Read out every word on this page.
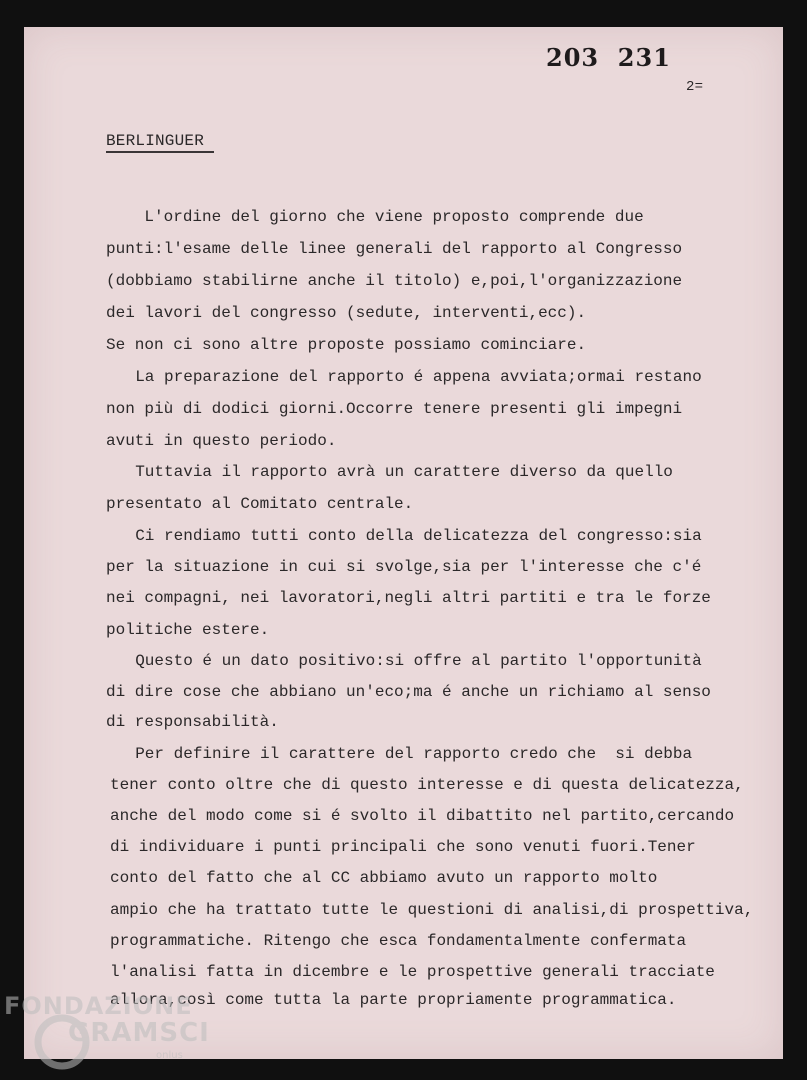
203  231
2=
BERLINGUER
L'ordine del giorno che viene proposto comprende due
punti:l'esame delle linee generali del rapporto al Congresso
(dobbiamo stabilirne anche il titolo) e,poi,l'organizzazione
dei lavori del congresso (sedute, interventi,ecc).
Se non ci sono altre proposte possiamo cominciare.
La preparazione del rapporto é appena avviata;ormai restano
non più di dodici giorni.Occorre tenere presenti gli impegni
avuti in questo periodo.
Tuttavia il rapporto avrà un carattere diverso da quello
presentato al Comitato centrale.
Ci rendiamo tutti conto della delicatezza del congresso:sia
per la situazione in cui si svolge,sia per l'interesse che c'é
nei compagni, nei lavoratori,negli altri partiti e tra le forze
politiche estere.
Questo é un dato positivo:si offre al partito l'opportunità
di dire cose che abbiano un'eco;ma é anche un richiamo al senso
di responsabilità.
Per definire il carattere del rapporto credo che  si debba
tener conto oltre che di questo interesse e di questa delicatezza,
anche del modo come si é svolto il dibattito nel partito,cercando
di individuare i punti principali che sono venuti fuori.Tener
conto del fatto che al CC abbiamo avuto un rapporto molto
ampio che ha trattato tutte le questioni di analisi,di prospettiva,
programmatiche. Ritengo che esca fondamentalmente confermata
l'analisi fatta in dicembre e le prospettive generali tracciate
allora,così come tutta la parte propriamente programmatica.
FONDAZIONE
GRAMSCI
onlus
